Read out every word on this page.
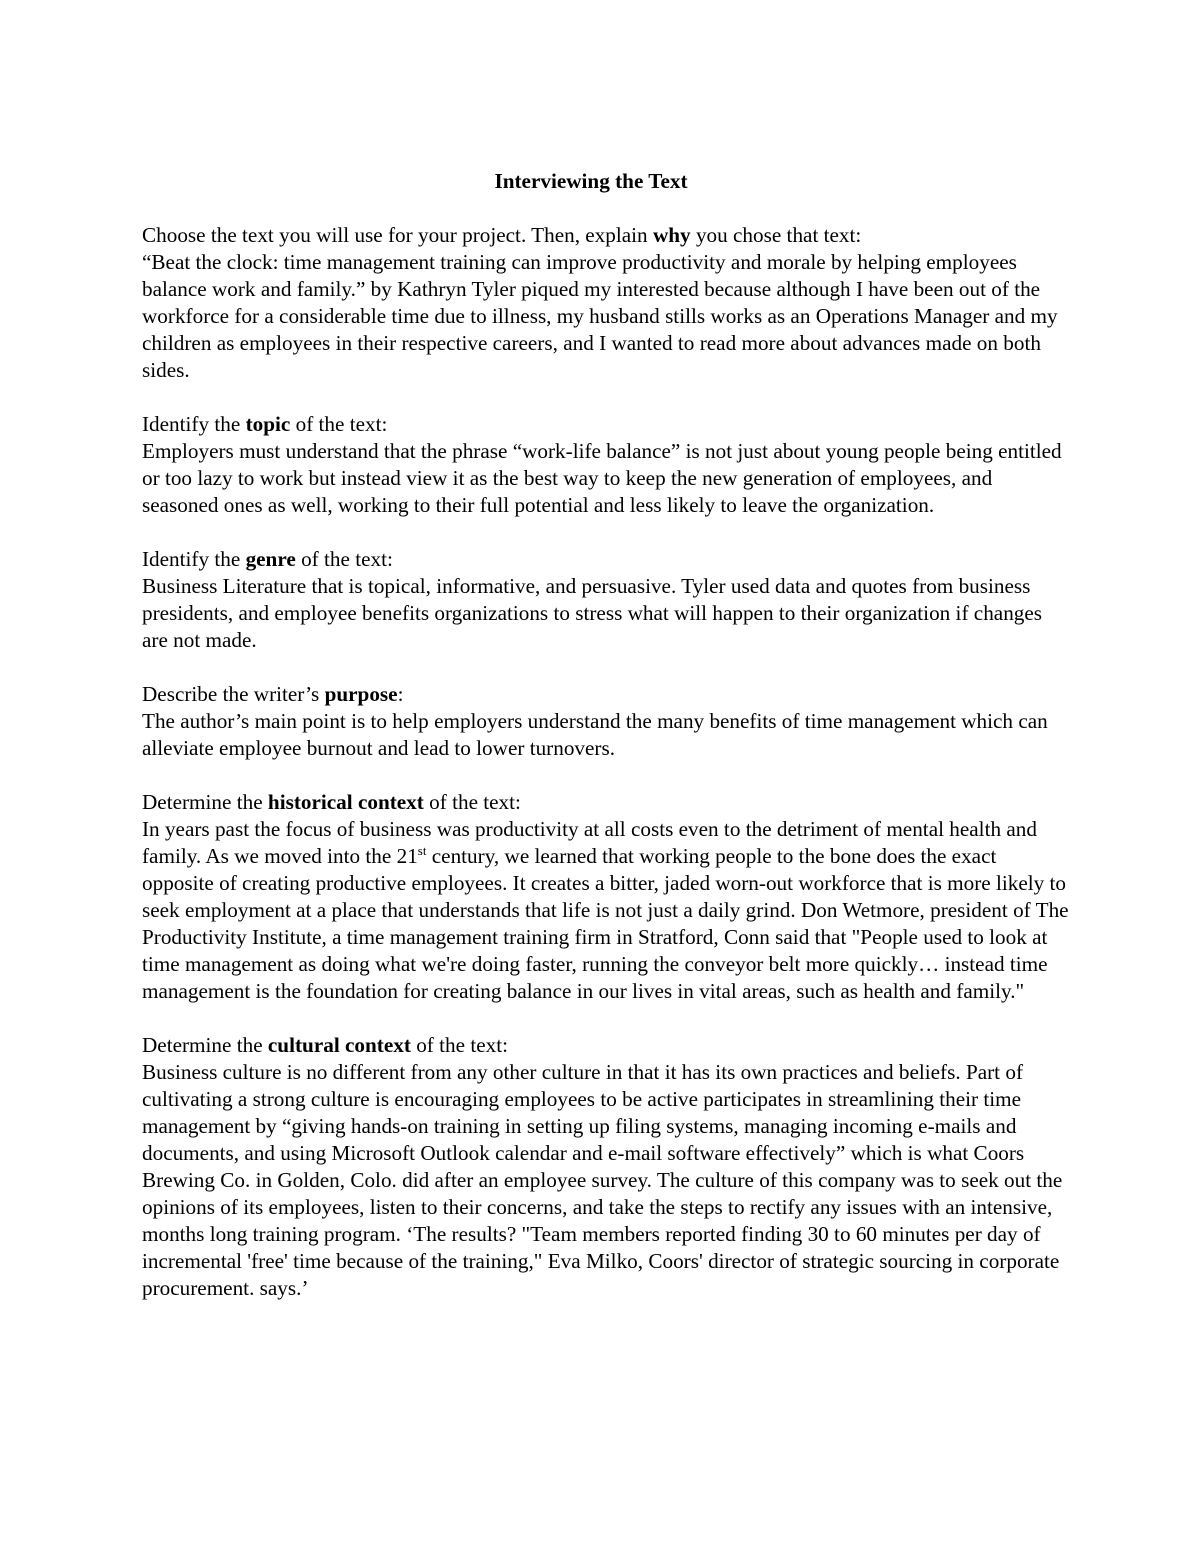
Interviewing the Text

Choose the text you will use for your project. Then, explain why you chose that text:

“Beat the clock: time management training can improve productivity and morale by helping employees balance work and family.” by Kathryn Tyler piqued my interested because although I have been out of the workforce for a considerable time due to illness, my husband stills works as an Operations Manager and my children as employees in their respective careers, and I wanted to read more about advances made on both sides.

Identify the topic of the text:

Employers must understand that the phrase “work-life balance” is not just about young people being entitled or too lazy to work but instead view it as the best way to keep the new generation of employees, and seasoned ones as well, working to their full potential and less likely to leave the organization.

Identify the genre of the text:

Business Literature that is topical, informative, and persuasive. Tyler used data and quotes from business presidents, and employee benefits organizations to stress what will happen to their organization if changes are not made.

Describe the writer’s purpose:

The author’s main point is to help employers understand the many benefits of time management which can alleviate employee burnout and lead to lower turnovers.

Determine the historical context of the text:

In years past the focus of business was productivity at all costs even to the detriment of mental health and family. As we moved into the 21st century, we learned that working people to the bone does the exact opposite of creating productive employees. It creates a bitter, jaded worn-out workforce that is more likely to seek employment at a place that understands that life is not just a daily grind. Don Wetmore, president of The Productivity Institute, a time management training firm in Stratford, Conn said that "People used to look at time management as doing what we're doing faster, running the conveyor belt more quickly… instead time management is the foundation for creating balance in our lives in vital areas, such as health and family."

Determine the cultural context of the text:

Business culture is no different from any other culture in that it has its own practices and beliefs. Part of cultivating a strong culture is encouraging employees to be active participates in streamlining their time management by “giving hands-on training in setting up filing systems, managing incoming e-mails and documents, and using Microsoft Outlook calendar and e-mail software effectively” which is what Coors Brewing Co. in Golden, Colo. did after an employee survey. The culture of this company was to seek out the opinions of its employees, listen to their concerns, and take the steps to rectify any issues with an intensive, months long training program. ‘The results? "Team members reported finding 30 to 60 minutes per day of incremental 'free' time because of the training," Eva Milko, Coors' director of strategic sourcing in corporate procurement. says.’
